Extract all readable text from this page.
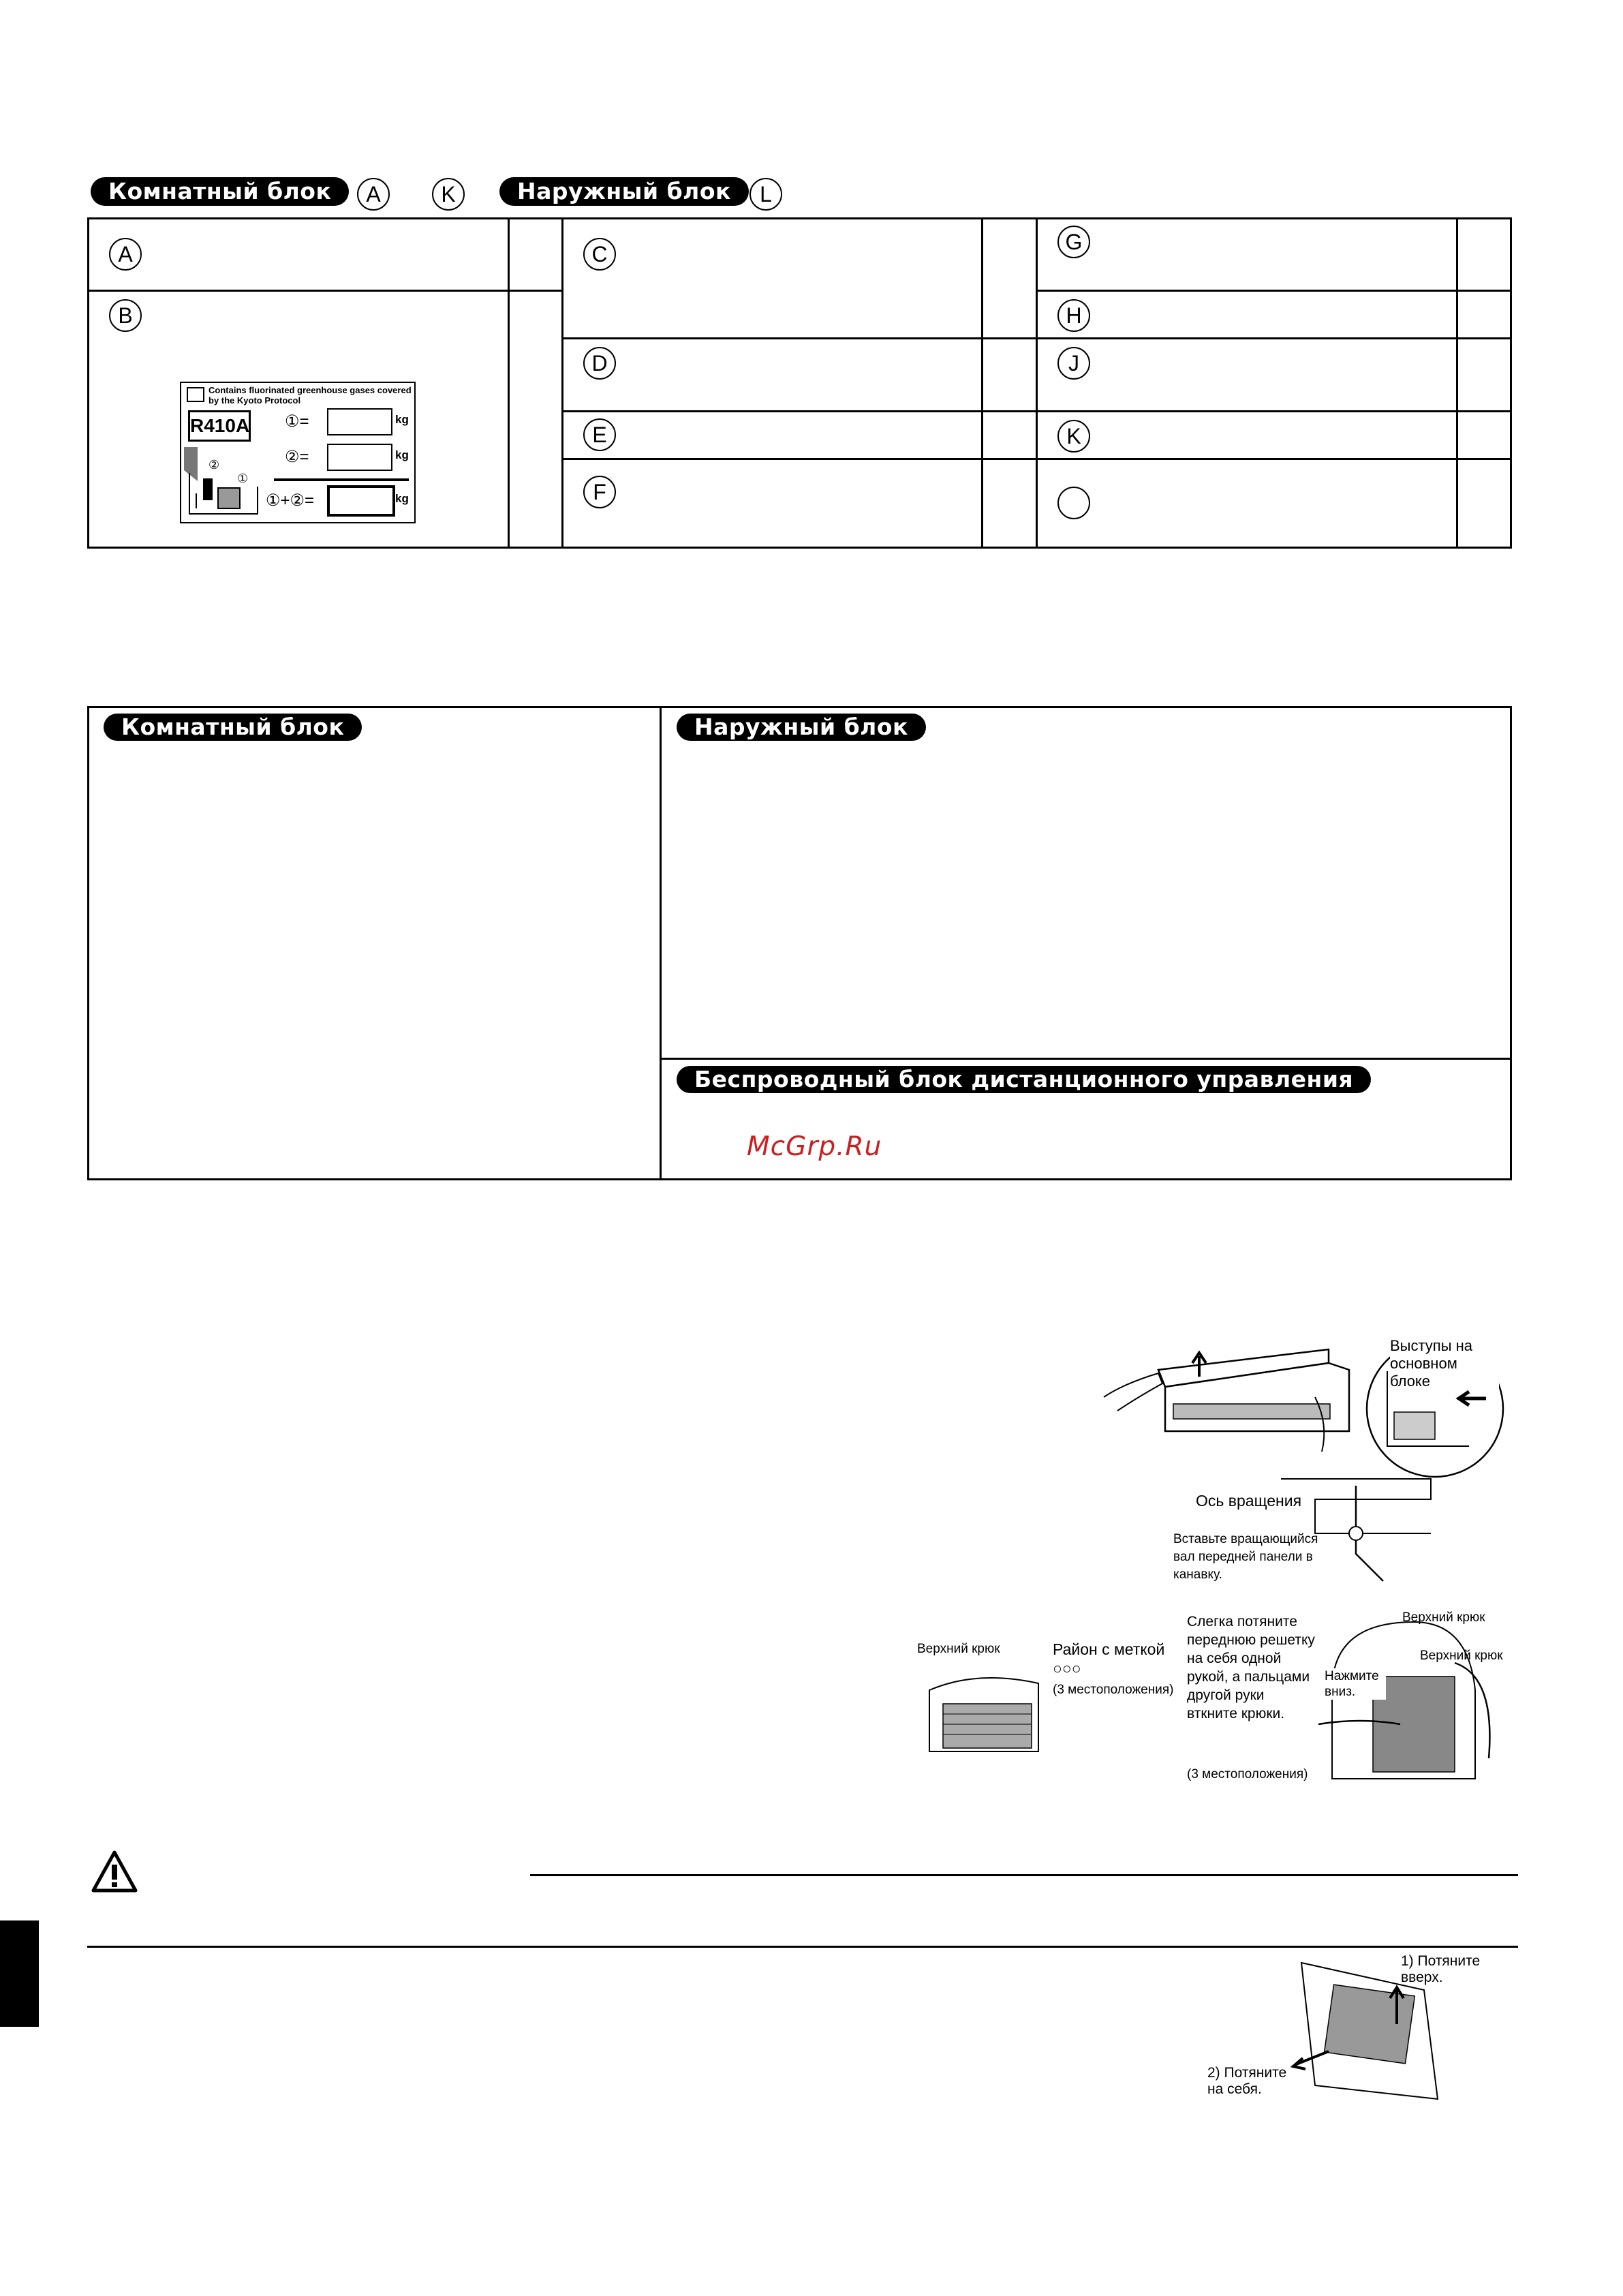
Комнатный блок	A	K	Наружный блок	L
A
B
C
D
E
F
G
H
J
K
Contains fluorinated greenhouse gases covered
by the Kyoto Protocol
R410A ①=	kg
②=	kg
①+②=	kg
②
①
Комнатный блок	Наружный блок
Беспроводный блок дистанционного управления
McGrp.Ru
Выступы на основном блоке
Ось вращения
Вставьте вращающийся вал передней панели в канавку.
Верхний крюк	Район с меткой ○○○
(3 местоположения)
Слегка потяните переднюю решетку на себя одной рукой, а пальцами другой руки вткните крюки.
(3 местоположения)
Верхний крюк
Верхний крюк
Нажмите вниз.
1) Потяните вверх.
2) Потяните на себя.
